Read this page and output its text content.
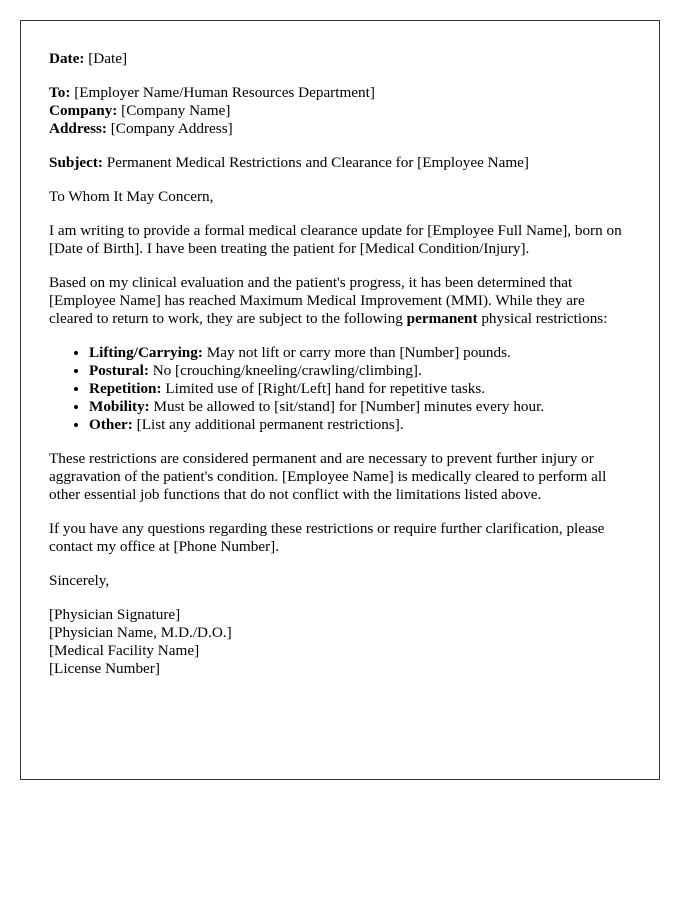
Date: [Date]

To: [Employer Name/Human Resources Department]

Company: [Company Name]

Address: [Company Address]

Subject: Permanent Medical Restrictions and Clearance for [Employee Name]

To Whom It May Concern,

I am writing to provide a formal medical clearance update for [Employee Full Name], born on [Date of Birth]. I have been treating the patient for [Medical Condition/Injury].

Based on my clinical evaluation and the patient's progress, it has been determined that [Employee Name] has reached Maximum Medical Improvement (MMI). While they are cleared to return to work, they are subject to the following permanent physical restrictions:

• Lifting/Carrying: May not lift or carry more than [Number] pounds.
• Postural: No [crouching/kneeling/crawling/climbing].
• Repetition: Limited use of [Right/Left] hand for repetitive tasks.
• Mobility: Must be allowed to [sit/stand] for [Number] minutes every hour.
• Other: [List any additional permanent restrictions].

These restrictions are considered permanent and are necessary to prevent further injury or aggravation of the patient's condition. [Employee Name] is medically cleared to perform all other essential job functions that do not conflict with the limitations listed above.

If you have any questions regarding these restrictions or require further clarification, please contact my office at [Phone Number].

Sincerely,

[Physician Signature]

[Physician Name, M.D./D.O.]

[Medical Facility Name]

[License Number]
